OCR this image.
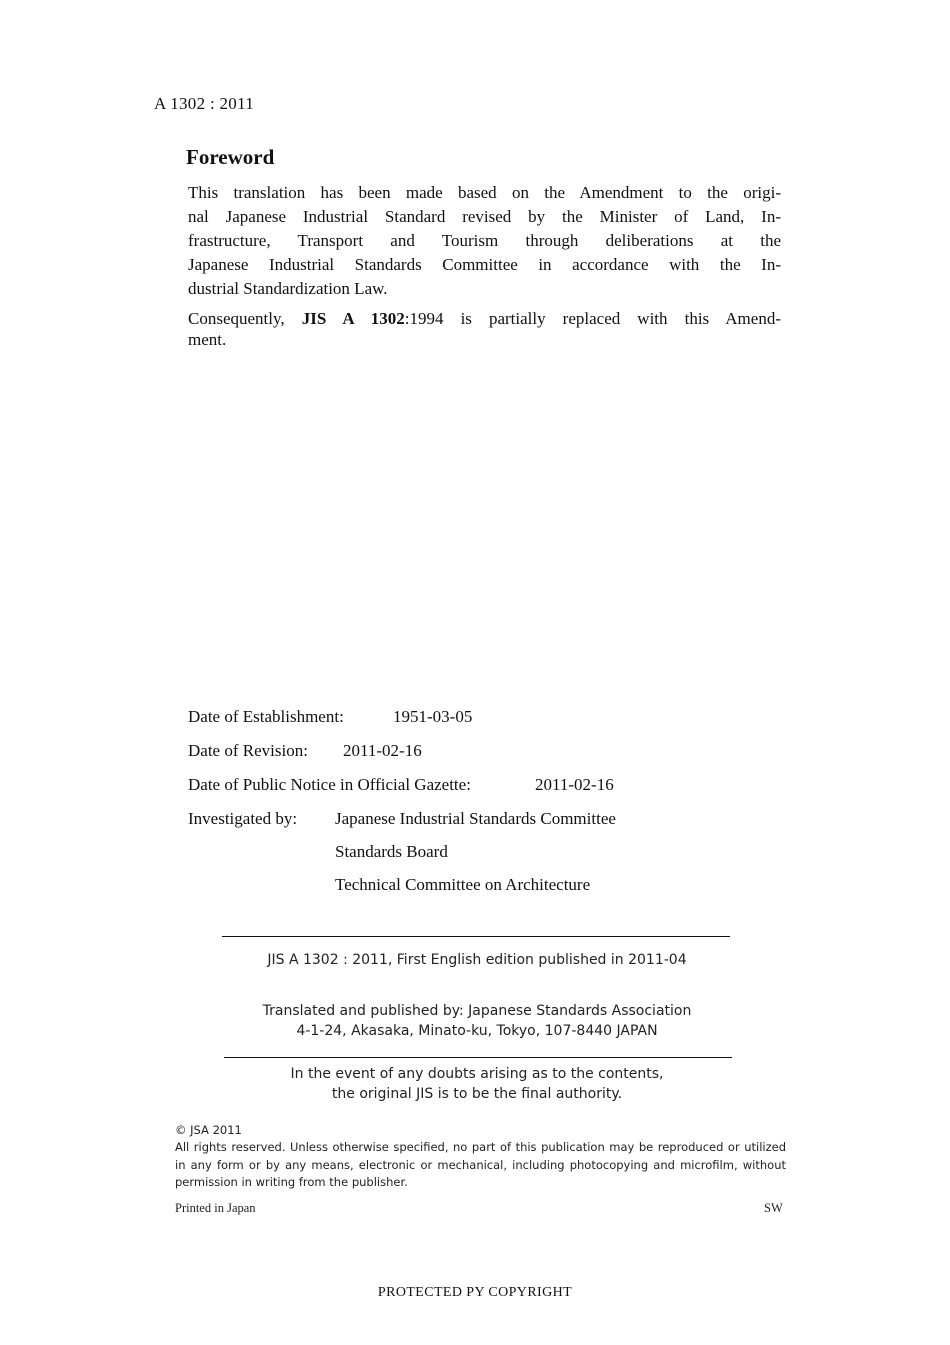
A 1302 : 2011
Foreword
This translation has been made based on the Amendment to the origi-
nal Japanese Industrial Standard revised by the Minister of Land, In-
frastructure, Transport and Tourism through deliberations at the
Japanese Industrial Standards Committee in accordance with the In-
dustrial Standardization Law.
Consequently, JIS A 1302:1994 is partially replaced with this Amend-
ment.
Date of Establishment:	1951-03-05
Date of Revision: 2011-02-16
Date of Public Notice in Official Gazette:	2011-02-16
Investigated by: Japanese Industrial Standards Committee
Standards Board
Technical Committee on Architecture
JIS A 1302 : 2011, First English edition published in 2011-04
Translated and published by: Japanese Standards Association
4-1-24, Akasaka, Minato-ku, Tokyo, 107-8440 JAPAN
In the event of any doubts arising as to the contents,
the original JIS is to be the final authority.
© JSA 2011
All rights reserved. Unless otherwise specified, no part of this publication may be reproduced or utilized
in any form or by any means, electronic or mechanical, including photocopying and microfilm, without
permission in writing from the publisher.
Printed in Japan	SW
PROTECTED PY COPYRIGHT
